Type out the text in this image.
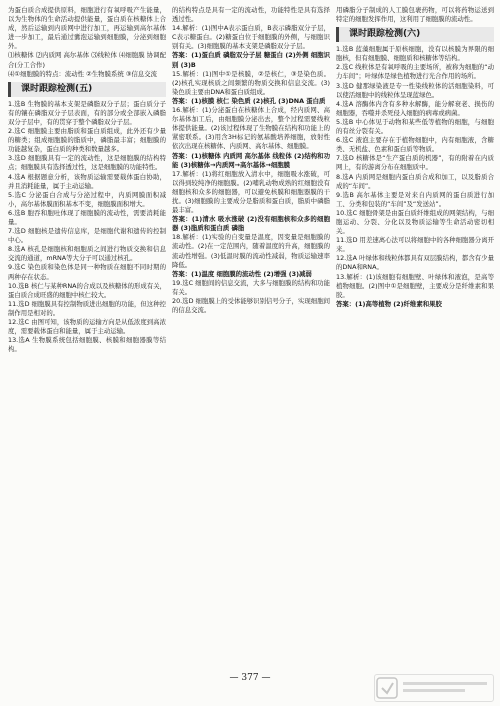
为蛋白质合成提供原料，细胞进行有氧呼吸产生能量，以为生物体的生命活动提供能量，蛋白质在核糖体上合成，然后运输到内质网中进行加工，再运输到高尔基体进一步加工，最后通过囊泡运输到细胞膜，分泌到细胞外。

⑴核糖体 ⑵内质网 高尔基体 ⑶线粒体 ⑷细胞膜 协调配合(分工合作)

⑷①细胞膜的特点：流动性 ②生物膜系统 ③信息交流

课时跟踪检测(五)

1.选B 生物膜的基本支架是磷脂双分子层；蛋白质分子有的镶在磷脂双分子层表面，有的部分或全部嵌入磷脂双分子层中，有的贯穿于整个磷脂双分子层。

2.选C 细胞膜主要由脂质和蛋白质组成，此外还有少量的糖类；组成细胞膜的脂质中，磷脂最丰富；细胞膜的功能越复杂，蛋白质的种类和数量越多。

3.选D 细胞膜具有一定的流动性，这是细胞膜的结构特点；细胞膜具有选择透过性，这是细胞膜的功能特性。

4.选A 根据题意分析，该物质运输需要载体蛋白协助，并且消耗能量，属于主动运输。

5.选C 分泌蛋白合成与分泌过程中，内质网膜面积减小，高尔基体膜面积基本不变，细胞膜面积增大。

6.选B 胞吞和胞吐体现了细胞膜的流动性，需要消耗能量。

7.选D 细胞核是遗传信息库，是细胞代谢和遗传的控制中心。

8.选A 核孔是细胞核和细胞质之间进行物质交换和信息交流的通道，mRNA等大分子可以通过核孔。

9.选C 染色质和染色体是同一种物质在细胞不同时期的两种存在状态。

10.选B 核仁与某种RNA的合成以及核糖体的形成有关，蛋白质合成旺盛的细胞中核仁较大。

11.选D 细胞膜具有控制物质进出细胞的功能，但这种控制作用是相对的。

12.选C 由图可知，该物质的运输方向是从低浓度到高浓度，需要载体蛋白和能量，属于主动运输。

13.选A 生物膜系统包括细胞膜、核膜和细胞器膜等结构。

的结构特点是具有一定的流动性，功能特性是具有选择透过性。

14.解析：(1)图中A表示蛋白质，B表示磷脂双分子层，C表示糖蛋白。(2)糖蛋白位于细胞膜的外侧，与细胞识别有关。(3)细胞膜的基本支架是磷脂双分子层。

答案：(1)蛋白质 磷脂双分子层 糖蛋白 (2)外侧 细胞识别 (3)B

15.解析：(1)图中①是核膜，②是核仁，③是染色质。(2)核孔实现核质之间频繁的物质交换和信息交流。(3)染色质主要由DNA和蛋白质组成。

答案：(1)核膜 核仁 染色质 (2)核孔 (3)DNA 蛋白质

16.解析：(1)分泌蛋白在核糖体上合成，经内质网、高尔基体加工后，由细胞膜分泌出去，整个过程需要线粒体提供能量。(2)该过程体现了生物膜在结构和功能上的紧密联系。(3)用含3H标记的氨基酸培养细胞，放射性依次出现在核糖体、内质网、高尔基体、细胞膜。

答案：(1)核糖体 内质网 高尔基体 线粒体 (2)结构和功能 (3)核糖体→内质网→高尔基体→细胞膜

17.解析：(1)将红细胞放入清水中，细胞吸水涨破，可以得到较纯净的细胞膜。(2)哺乳动物成熟的红细胞没有细胞核和众多的细胞器，可以避免核膜和细胞器膜的干扰。(3)细胞膜的主要成分是脂质和蛋白质，脂质中磷脂最丰富。

答案：(1)清水 吸水涨破 (2)没有细胞核和众多的细胞器 (3)脂质和蛋白质 磷脂

18.解析：(1)实验的自变量是温度，因变量是细胞膜的流动性。(2)在一定范围内，随着温度的升高，细胞膜的流动性增强。(3)低温时膜的流动性减弱，物质运输速率降低。

答案：(1)温度 细胞膜的流动性 (2)增强 (3)减弱

19.选C 细胞间的信息交流，大多与细胞膜的结构和功能有关。

20.选D 细胞膜上的受体能够识别信号分子，实现细胞间的信息交流。

用磷脂分子制成的人工膜包裹药物，可以将药物运送到特定的细胞发挥作用，这利用了细胞膜的流动性。

课时跟踪检测(六)

1.选B 蓝藻细胞属于原核细胞，没有以核膜为界限的细胞核，但有细胞膜、细胞质和核糖体等结构。

2.选C 线粒体是有氧呼吸的主要场所，被称为细胞的“动力车间”；叶绿体是绿色植物进行光合作用的场所。

3.选D 健那绿染液是专一性染线粒体的活细胞染料，可以使活细胞中的线粒体呈现蓝绿色。

4.选A 溶酶体内含有多种水解酶，能分解衰老、损伤的细胞器，吞噬并杀死侵入细胞的病毒或病菌。

5.选B 中心体见于动物和某些低等植物的细胞，与细胞的有丝分裂有关。

6.选C 液泡主要存在于植物细胞中，内有细胞液，含糖类、无机盐、色素和蛋白质等物质。

7.选D 核糖体是“生产蛋白质的机器”，有的附着在内质网上，有的游离分布在细胞质中。

8.选A 内质网是细胞内蛋白质合成和加工，以及脂质合成的“车间”。

9.选B 高尔基体主要是对来自内质网的蛋白质进行加工、分类和包装的“车间”及“发送站”。

10.选C 细胞骨架是由蛋白质纤维组成的网架结构，与细胞运动、分裂、分化以及物质运输等生命活动密切相关。

11.选D 用差速离心法可以将细胞中的各种细胞器分离开来。

12.选A 叶绿体和线粒体都具有双层膜结构，都含有少量的DNA和RNA。

13.解析：(1)该细胞有细胞壁、叶绿体和液泡，是高等植物细胞。(2)图中①是细胞壁，主要成分是纤维素和果胶。

答案：(1)高等植物 (2)纤维素和果胶

— 377 —
